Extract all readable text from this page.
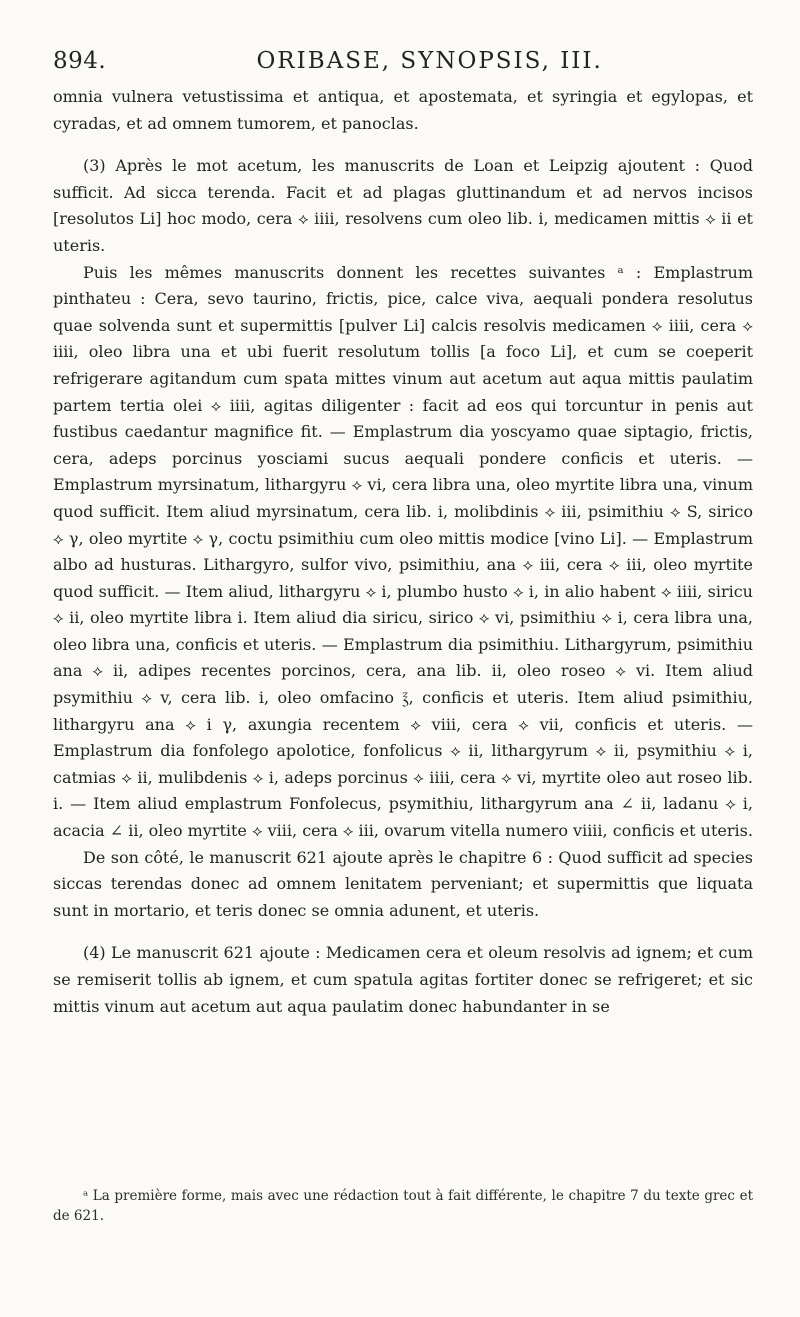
894.	ORIBASE, SYNOPSIS, III.

omnia vulnera vetustissima et antiqua, et apostemata, et syringia et egylopas, et cyradas, et ad omnem tumorem, et panoclas.

(3) Après le mot acetum, les manuscrits de Loan et Leipzig ajoutent : Quod sufficit. Ad sicca terenda. Facit et ad plagas gluttinandum et ad nervos incisos [resolutos Li] hoc modo, cera ⟡ iiii, resolvens cum oleo lib. i, medicamen mittis ⟡ ii et uteris.

Puis les mêmes manuscrits donnent les recettes suivantes ᵃ : Emplastrum pinthateu : Cera, sevo taurino, frictis, pice, calce viva, aequali pondera resolutus quae solvenda sunt et supermittis [pulver Li] calcis resolvis medicamen ⟡ iiii, cera ⟡ iiii, oleo libra una et ubi fuerit resolutum tollis [a foco Li], et cum se coeperit refrigerare agitandum cum spata mittes vinum aut acetum aut aqua mittis paulatim partem tertia olei ⟡ iiii, agitas diligenter : facit ad eos qui torcuntur in penis aut fustibus caedantur magnifice fit. — Emplastrum dia yoscyamo quae siptagio, frictis, cera, adeps porcinus yosciami sucus aequali pondere conficis et uteris. — Emplastrum myrsinatum, lithargyru ⟡ vi, cera libra una, oleo myrtite libra una, vinum quod sufficit. Item aliud myrsinatum, cera lib. i, molibdinis ⟡ iii, psimithiu ⟡ S, sirico ⟡ γ, oleo myrtite ⟡ γ, coctu psimithiu cum oleo mittis modice [vino Li]. — Emplastrum albo ad husturas. Lithargyro, sulfor vivo, psimithiu, ana ⟡ iii, cera ⟡ iii, oleo myrtite quod sufficit. — Item aliud, lithargyru ⟡ i, plumbo husto ⟡ i, in alio habent ⟡ iiii, siricu ⟡ ii, oleo myrtite libra i. Item aliud dia siricu, sirico ⟡ vi, psimithiu ⟡ i, cera libra una, oleo libra una, conficis et uteris. — Emplastrum dia psimithiu. Lithargyrum, psimithiu ana ⟡ ii, adipes recentes porcinos, cera, ana lib. ii, oleo roseo ⟡ vi. Item aliud psymithiu ⟡ v, cera lib. i, oleo omfacino ℥, conficis et uteris. Item aliud psimithiu, lithargyru ana ⟡ i γ, axungia recentem ⟡ viii, cera ⟡ vii, conficis et uteris. — Emplastrum dia fonfolego apolotice, fonfolicus ⟡ ii, lithargyrum ⟡ ii, psymithiu ⟡ i, catmias ⟡ ii, mulibdenis ⟡ i, adeps porcinus ⟡ iiii, cera ⟡ vi, myrtite oleo aut roseo lib. i. — Item aliud emplastrum Fonfolecus, psymithiu, lithargyrum ana ∠ ii, ladanu ⟡ i, acacia ∠ ii, oleo myrtite ⟡ viii, cera ⟡ iii, ovarum vitella numero viiii, conficis et uteris.

De son côté, le manuscrit 621 ajoute après le chapitre 6 : Quod sufficit ad species siccas terendas donec ad omnem lenitatem perveniant; et supermittis que liquata sunt in mortario, et teris donec se omnia adunent, et uteris.

(4) Le manuscrit 621 ajoute : Medicamen cera et oleum resolvis ad ignem; et cum se remiserit tollis ab ignem, et cum spatula agitas fortiter donec se refrigeret; et sic mittis vinum aut acetum aut aqua paulatim donec habundanter in se

ᵃ La première forme, mais avec une rédaction tout à fait différente, le chapitre 7 du texte grec et de 621.
